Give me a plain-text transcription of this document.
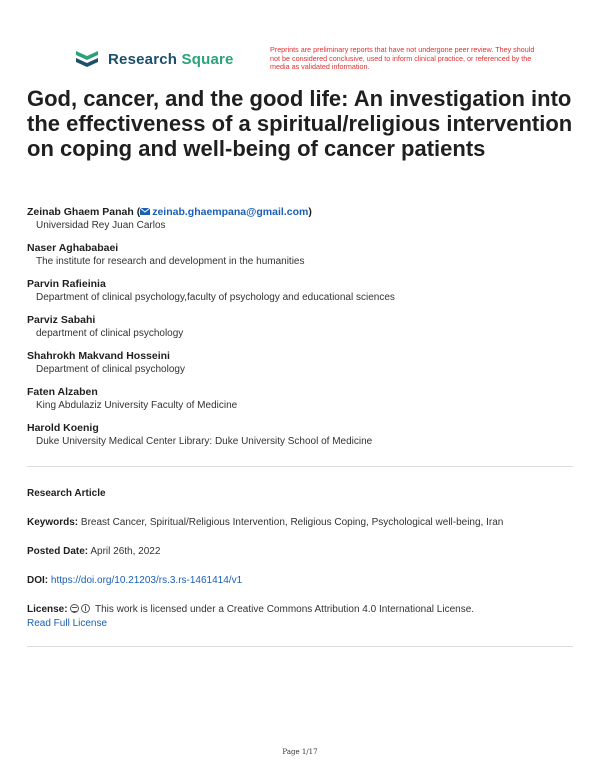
Research Square
Preprints are preliminary reports that have not undergone peer review. They should not be considered conclusive, used to inform clinical practice, or referenced by the media as validated information.
God, cancer, and the good life: An investigation into the effectiveness of a spiritual/religious intervention on coping and well-being of cancer patients
Zeinab Ghaem Panah ( zeinab.ghaempana@gmail.com)
Universidad Rey Juan Carlos
Naser Aghababaei
The institute for research and development in the humanities
Parvin Rafieinia
Department of clinical psychology,faculty of psychology and educational sciences
Parviz Sabahi
department of clinical psychology
Shahrokh Makvand Hosseini
Department of clinical psychology
Faten Alzaben
King Abdulaziz University Faculty of Medicine
Harold Koenig
Duke University Medical Center Library: Duke University School of Medicine
Research Article
Keywords: Breast Cancer, Spiritual/Religious Intervention, Religious Coping, Psychological well-being, Iran
Posted Date: April 26th, 2022
DOI: https://doi.org/10.21203/rs.3.rs-1461414/v1
License:	This work is licensed under a Creative Commons Attribution 4.0 International License.
Read Full License
Page 1/17
